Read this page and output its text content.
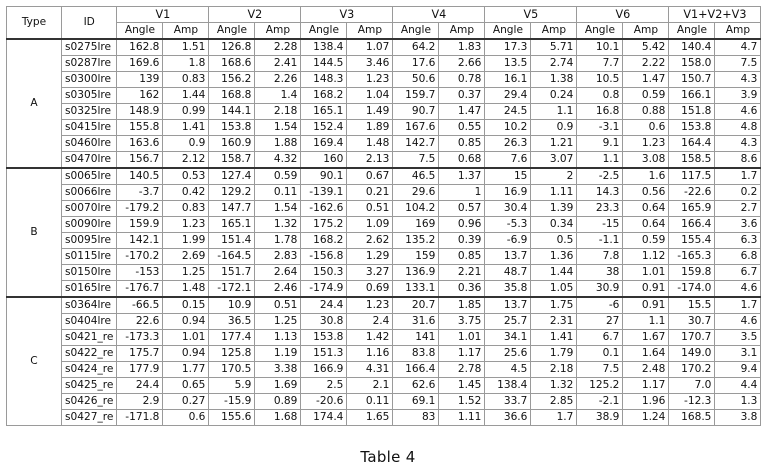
Type	ID	V1		V2		V3		V4		V5		V6		V1+V2+V3	
		Angle	Amp	Angle	Amp	Angle	Amp	Angle	Amp	Angle	Amp	Angle	Amp	Angle	Amp
A	s0275lre	162.8	1.51	126.8	2.28	138.4	1.07	64.2	1.83	17.3	5.71	10.1	5.42	140.4	4.7
	s0287lre	169.6	1.8	168.6	2.41	144.5	3.46	17.6	2.66	13.5	2.74	7.7	2.22	158.0	7.5
	s0300lre	139	0.83	156.2	2.26	148.3	1.23	50.6	0.78	16.1	1.38	10.5	1.47	150.7	4.3
	s0305lre	162	1.44	168.8	1.4	168.2	1.04	159.7	0.37	29.4	0.24	0.8	0.59	166.1	3.9
	s0325lre	148.9	0.99	144.1	2.18	165.1	1.49	90.7	1.47	24.5	1.1	16.8	0.88	151.8	4.6
	s0415lre	155.8	1.41	153.8	1.54	152.4	1.89	167.6	0.55	10.2	0.9	-3.1	0.6	153.8	4.8
	s0460lre	163.6	0.9	160.9	1.88	169.4	1.48	142.7	0.85	26.3	1.21	9.1	1.23	164.4	4.3
	s0470lre	156.7	2.12	158.7	4.32	160	2.13	7.5	0.68	7.6	3.07	1.1	3.08	158.5	8.6
B	s0065lre	140.5	0.53	127.4	0.59	90.1	0.67	46.5	1.37	15	2	-2.5	1.6	117.5	1.7
	s0066lre	-3.7	0.42	129.2	0.11	-139.1	0.21	29.6	1	16.9	1.11	14.3	0.56	-22.6	0.2
	s0070lre	-179.2	0.83	147.7	1.54	-162.6	0.51	104.2	0.57	30.4	1.39	23.3	0.64	165.9	2.7
	s0090lre	159.9	1.23	165.1	1.32	175.2	1.09	169	0.96	-5.3	0.34	-15	0.64	166.4	3.6
	s0095lre	142.1	1.99	151.4	1.78	168.2	2.62	135.2	0.39	-6.9	0.5	-1.1	0.59	155.4	6.3
	s0115lre	-170.2	2.69	-164.5	2.83	-156.8	1.29	159	0.85	13.7	1.36	7.8	1.12	-165.3	6.8
	s0150lre	-153	1.25	151.7	2.64	150.3	3.27	136.9	2.21	48.7	1.44	38	1.01	159.8	6.7
	s0165lre	-176.7	1.48	-172.1	2.46	-174.9	0.69	133.1	0.36	35.8	1.05	30.9	0.91	-174.0	4.6
C	s0364lre	-66.5	0.15	10.9	0.51	24.4	1.23	20.7	1.85	13.7	1.75	-6	0.91	15.5	1.7
	s0404lre	22.6	0.94	36.5	1.25	30.8	2.4	31.6	3.75	25.7	2.31	27	1.1	30.7	4.6
	s0421_re	-173.3	1.01	177.4	1.13	153.8	1.42	141	1.01	34.1	1.41	6.7	1.67	170.7	3.5
	s0422_re	175.7	0.94	125.8	1.19	151.3	1.16	83.8	1.17	25.6	1.79	0.1	1.64	149.0	3.1
	s0424_re	177.9	1.77	170.5	3.38	166.9	4.31	166.4	2.78	4.5	2.18	7.5	2.48	170.2	9.4
	s0425_re	24.4	0.65	5.9	1.69	2.5	2.1	62.6	1.45	138.4	1.32	125.2	1.17	7.0	4.4
	s0426_re	2.9	0.27	-15.9	0.89	-20.6	0.11	69.1	1.52	33.7	2.85	-2.1	1.96	-12.3	1.3
	s0427_re	-171.8	0.6	155.6	1.68	174.4	1.65	83	1.11	36.6	1.7	38.9	1.24	168.5	3.8
Table 4
